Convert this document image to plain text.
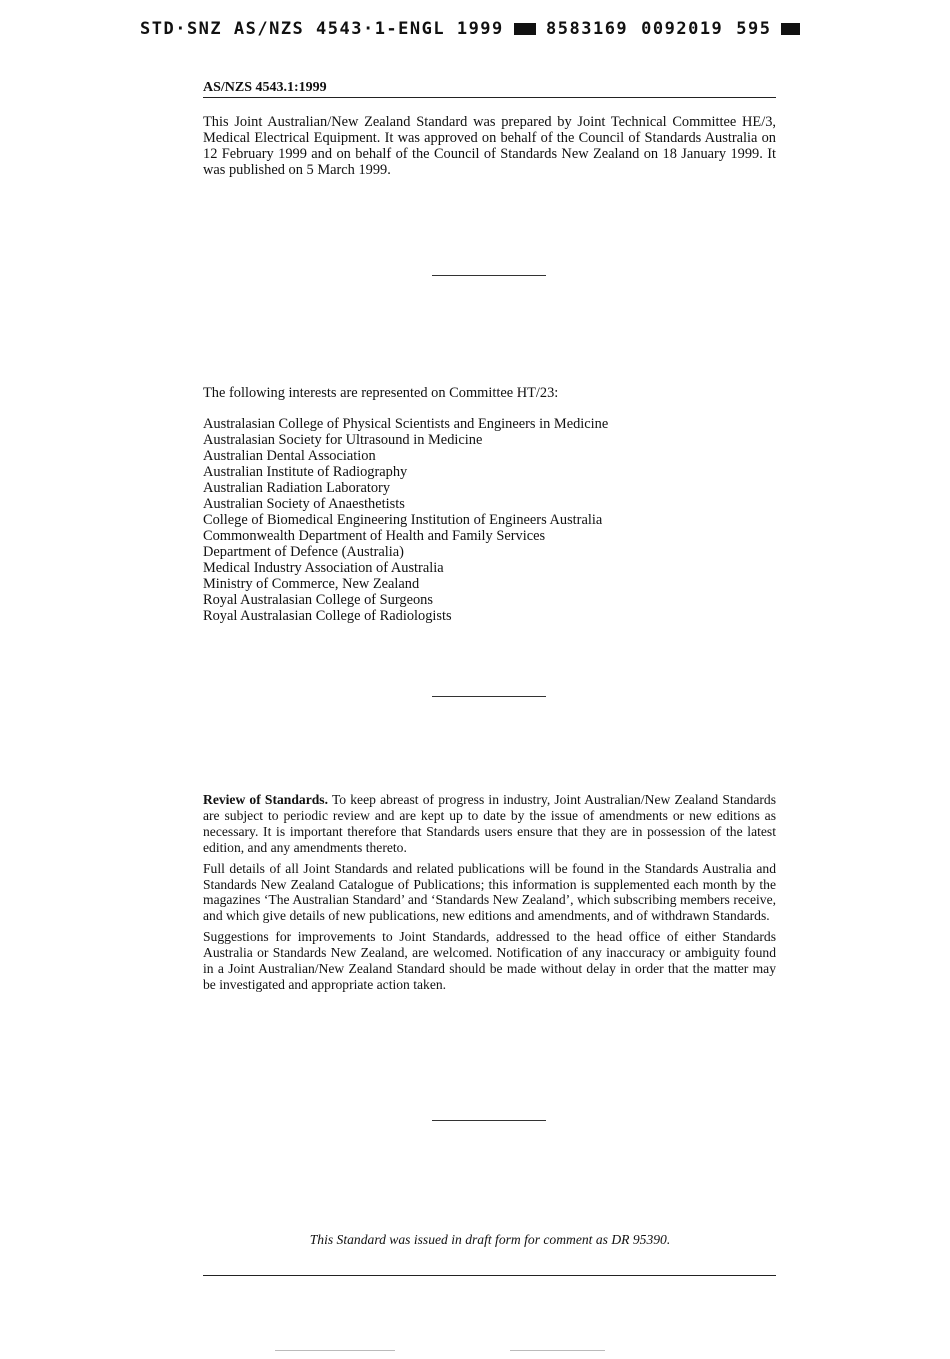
STD·SNZ AS/NZS 4543·1-ENGL 1999 8583169 0092019 595
AS/NZS 4543.1:1999
This Joint Australian/New Zealand Standard was prepared by Joint Technical Committee HE/3, Medical Electrical Equipment. It was approved on behalf of the Council of Standards Australia on 12 February 1999 and on behalf of the Council of Standards New Zealand on 18 January 1999. It was published on 5 March 1999.
The following interests are represented on Committee HT/23:
Australasian College of Physical Scientists and Engineers in Medicine
Australasian Society for Ultrasound in Medicine
Australian Dental Association
Australian Institute of Radiography
Australian Radiation Laboratory
Australian Society of Anaesthetists
College of Biomedical Engineering Institution of Engineers Australia
Commonwealth Department of Health and Family Services
Department of Defence (Australia)
Medical Industry Association of Australia
Ministry of Commerce, New Zealand
Royal Australasian College of Surgeons
Royal Australasian College of Radiologists

Review of Standards. To keep abreast of progress in industry, Joint Australian/New Zealand Standards are subject to periodic review and are kept up to date by the issue of amendments or new editions as necessary. It is important therefore that Standards users ensure that they are in possession of the latest edition, and any amendments thereto.

Full details of all Joint Standards and related publications will be found in the Standards Australia and Standards New Zealand Catalogue of Publications; this information is supplemented each month by the magazines ‘The Australian Standard’ and ‘Standards New Zealand’, which subscribing members receive, and which give details of new publications, new editions and amendments, and of withdrawn Standards.

Suggestions for improvements to Joint Standards, addressed to the head office of either Standards Australia or Standards New Zealand, are welcomed. Notification of any inaccuracy or ambiguity found in a Joint Australian/New Zealand Standard should be made without delay in order that the matter may be investigated and appropriate action taken.

This Standard was issued in draft form for comment as DR 95390.
